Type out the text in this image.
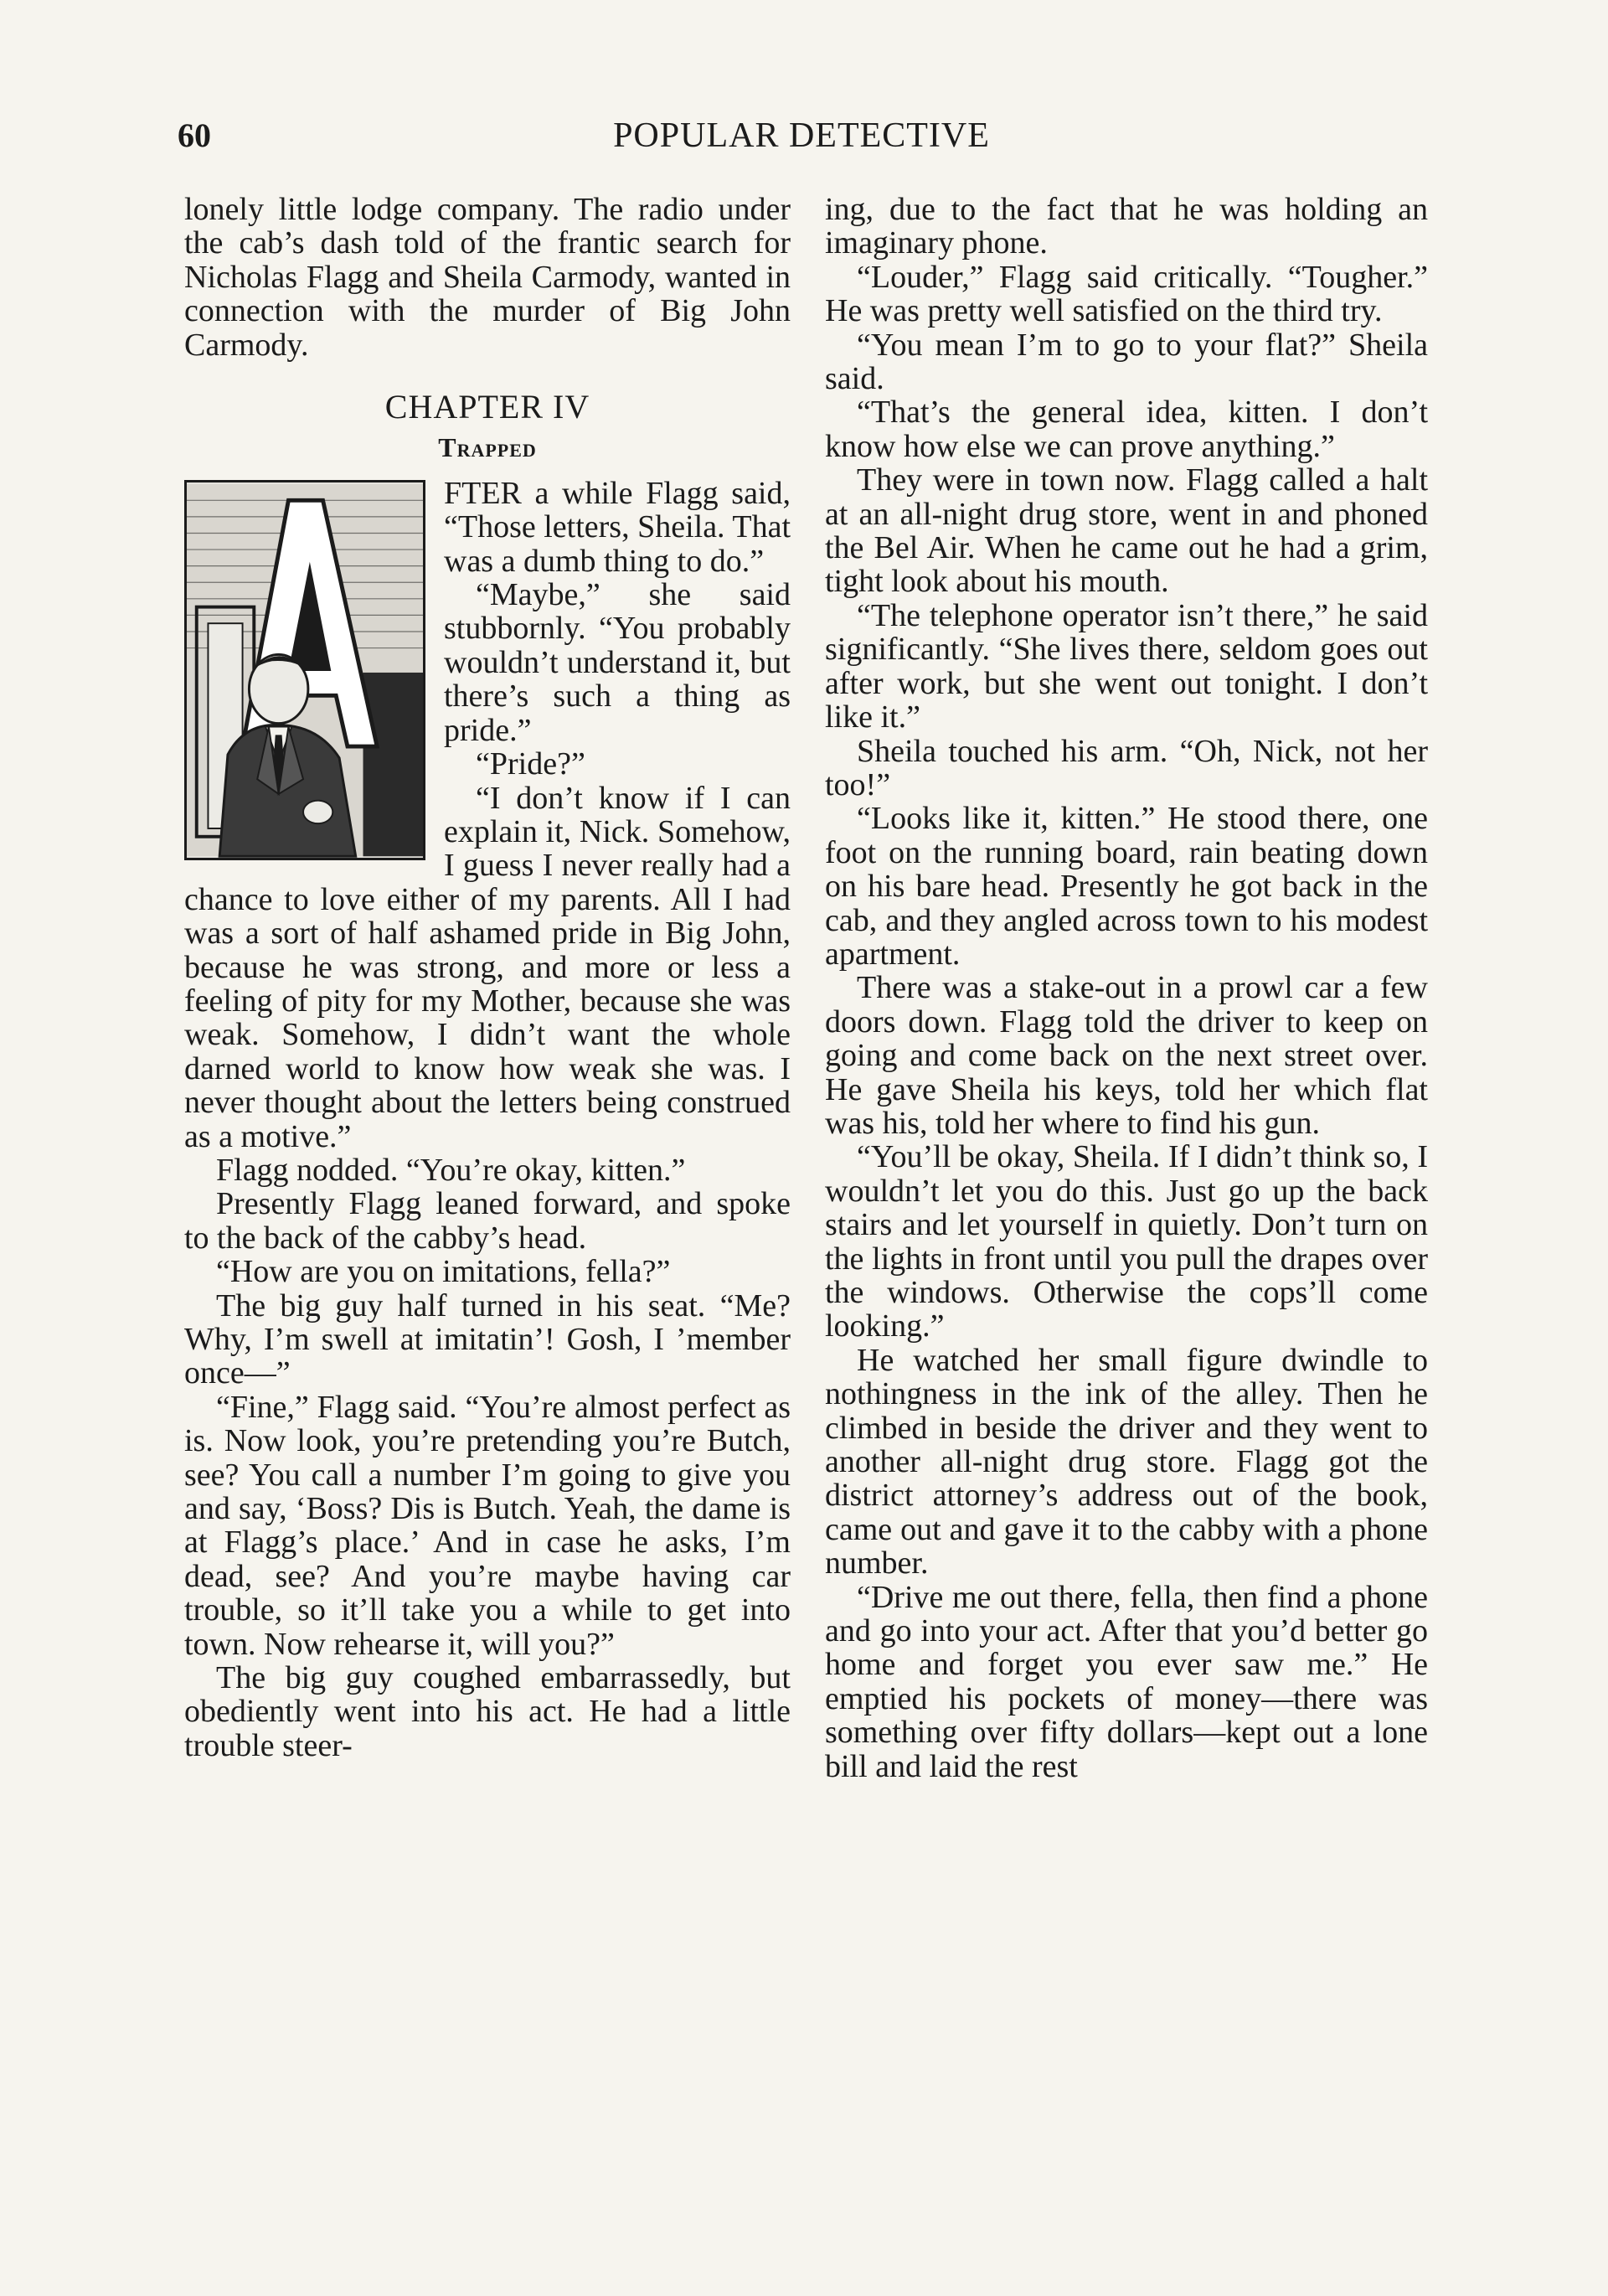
60	POPULAR DETECTIVE

lonely little lodge company. The radio under the cab’s dash told of the frantic search for Nicholas Flagg and Sheila Carmody, wanted in connection with the murder of Big John Carmody.

CHAPTER IV
Trapped

FTER a while Flagg said, “Those letters, Sheila. That was a dumb thing to do.”

“Maybe,” she said stubbornly. “You probably wouldn’t understand it, but there’s such a thing as pride.”

“Pride?”

“I don’t know if I can explain it, Nick. Somehow, I guess I never really had a chance to love either of my parents. All I had was a sort of half ashamed pride in Big John, because he was strong, and more or less a feeling of pity for my Mother, because she was weak. Somehow, I didn’t want the whole darned world to know how weak she was. I never thought about the letters being construed as a motive.”

Flagg nodded. “You’re okay, kitten.”

Presently Flagg leaned forward, and spoke to the back of the cabby’s head.

“How are you on imitations, fella?”

The big guy half turned in his seat. “Me? Why, I’m swell at imitatin’! Gosh, I ’member once—”

“Fine,” Flagg said. “You’re almost perfect as is. Now look, you’re pretending you’re Butch, see? You call a number I’m going to give you and say, ‘Boss? Dis is Butch. Yeah, the dame is at Flagg’s place.’ And in case he asks, I’m dead, see? And you’re maybe having car trouble, so it’ll take you a while to get into town. Now rehearse it, will you?”

The big guy coughed embarrassedly, but obediently went into his act. He had a little trouble steer-

ing, due to the fact that he was holding an imaginary phone.

“Louder,” Flagg said critically. “Tougher.” He was pretty well satisfied on the third try.

“You mean I’m to go to your flat?” Sheila said.

“That’s the general idea, kitten. I don’t know how else we can prove anything.”

They were in town now. Flagg called a halt at an all-night drug store, went in and phoned the Bel Air. When he came out he had a grim, tight look about his mouth.

“The telephone operator isn’t there,” he said significantly. “She lives there, seldom goes out after work, but she went out tonight. I don’t like it.”

Sheila touched his arm. “Oh, Nick, not her too!”

“Looks like it, kitten.” He stood there, one foot on the running board, rain beating down on his bare head. Presently he got back in the cab, and they angled across town to his modest apartment.

There was a stake-out in a prowl car a few doors down. Flagg told the driver to keep on going and come back on the next street over. He gave Sheila his keys, told her which flat was his, told her where to find his gun.

“You’ll be okay, Sheila. If I didn’t think so, I wouldn’t let you do this. Just go up the back stairs and let yourself in quietly. Don’t turn on the lights in front until you pull the drapes over the windows. Otherwise the cops’ll come looking.”

He watched her small figure dwindle to nothingness in the ink of the alley. Then he climbed in beside the driver and they went to another all-night drug store. Flagg got the district attorney’s address out of the book, came out and gave it to the cabby with a phone number.

“Drive me out there, fella, then find a phone and go into your act. After that you’d better go home and forget you ever saw me.” He emptied his pockets of money—there was something over fifty dollars—kept out a lone bill and laid the rest
